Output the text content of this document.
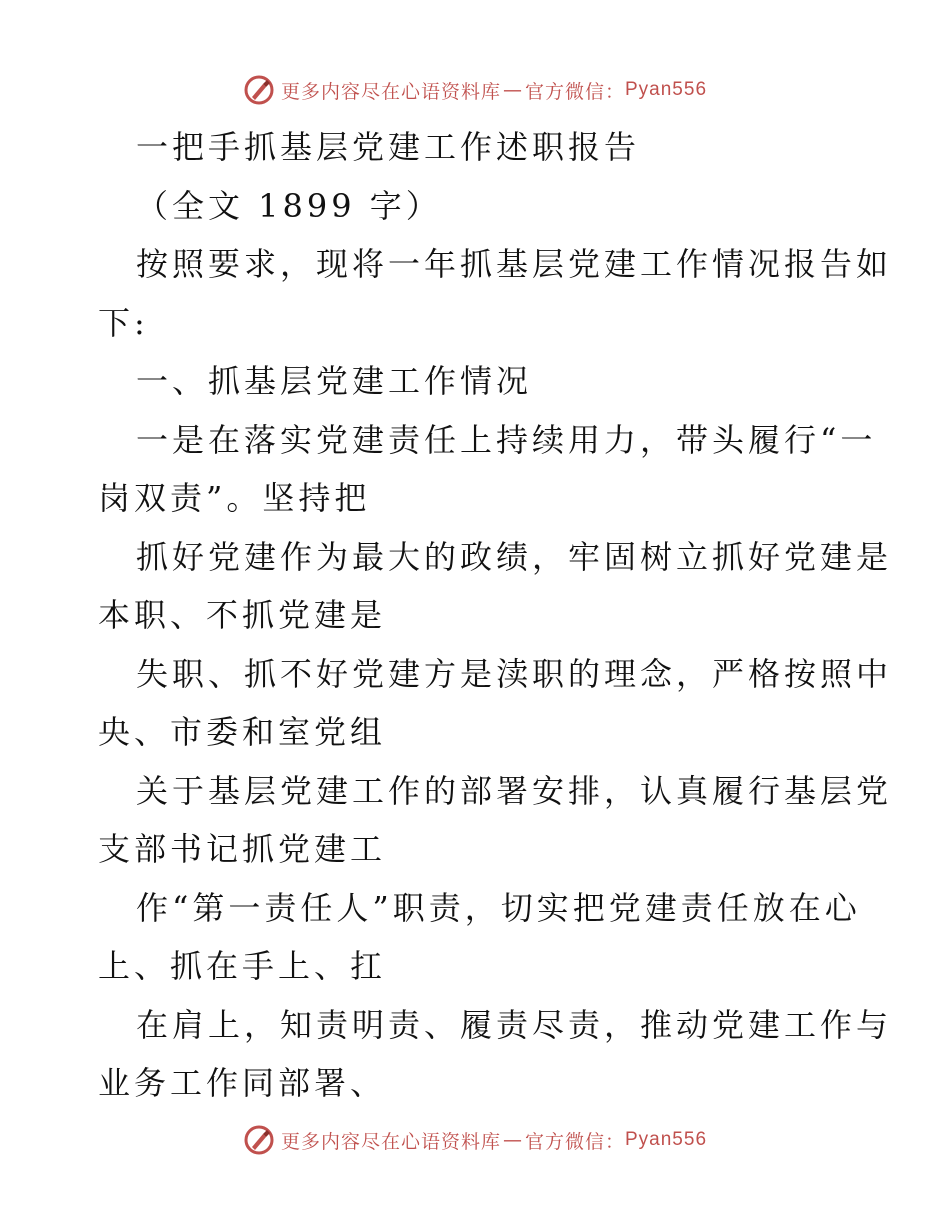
更多内容尽在心语资料库 — 官方微信： Pyan556
一把手抓基层党建工作述职报告
（全文 1899 字）
按照要求，现将一年抓基层党建工作情况报告如
下:
一、抓基层党建工作情况
一是在落实党建责任上持续用力，带头履行“一
岗双责”。坚持把
抓好党建作为最大的政绩，牢固树立抓好党建是
本职、不抓党建是
失职、抓不好党建方是渎职的理念，严格按照中
央、市委和室党组
关于基层党建工作的部署安排，认真履行基层党
支部书记抓党建工
作“第一责任人”职责，切实把党建责任放在心
上、抓在手上、扛
在肩上，知责明责、履责尽责，推动党建工作与
业务工作同部署、
更多内容尽在心语资料库 — 官方微信： Pyan556
